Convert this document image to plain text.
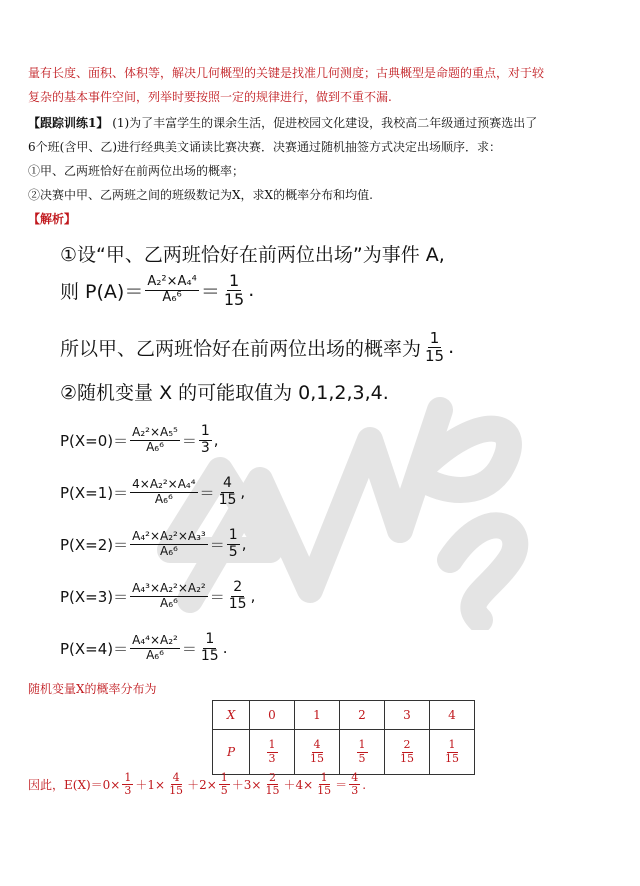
量有长度、面积、体积等，解决几何概型的关键是找准几何测度；古典概型是命题的重点，对于较
复杂的基本事件空间，列举时要按照一定的规律进行，做到不重不漏.
【跟踪训练1】 (1)为了丰富学生的课余生活，促进校园文化建设，我校高二年级通过预赛选出了
6个班(含甲、乙)进行经典美文诵读比赛决赛．决赛通过随机抽签方式决定出场顺序．求：
①甲、乙两班恰好在前两位出场的概率；
②决赛中甲、乙两班之间的班级数记为X，求X的概率分布和均值.
【解析】
①设“甲、乙两班恰好在前两位出场”为事件 A,
则 $P(A)= \frac{\text{A₂²×A₄⁴}}{\text{A₆⁶}} = \frac{1}{15}$ .
所以甲、乙两班恰好在前两位出场的概率为 $\frac{1}{15}$ .
②随机变量 X 的可能取值为 0,1,2,3,4.
$P(X=0)= \frac{\text{A₂²×A₅⁵}}{\text{A₆⁶}} = \frac{1}{3}$ ,
$P(X=1)= \frac{\text{4×A₂²×A₄⁴}}{\text{A₆⁶}} = \frac{4}{15}$ ,
$P(X=2)= \frac{\text{A₄²×A₂²×A₃³}}{\text{A₆⁶}} = \frac{1}{5}$ ,
$P(X=3)= \frac{\text{A₄³×A₂²×A₂²}}{\text{A₆⁶}} = \frac{2}{15}$ ,
$P(X=4)= \frac{\text{A₄⁴×A₂²}}{\text{A₆⁶}} = \frac{1}{15}$ .
随机变量X的概率分布为
X	0	1	2	3	4
P	$\frac{1}{3}$	$\frac{4}{15}$	$\frac{1}{5}$	$\frac{2}{15}$	$\frac{1}{15}$
因此，$E(X)=0\times \frac{1}{3} +1\times \frac{4}{15} +2\times \frac{1}{5} +3\times \frac{2}{15} +4\times \frac{1}{15} = \frac{4}{3}$ .
